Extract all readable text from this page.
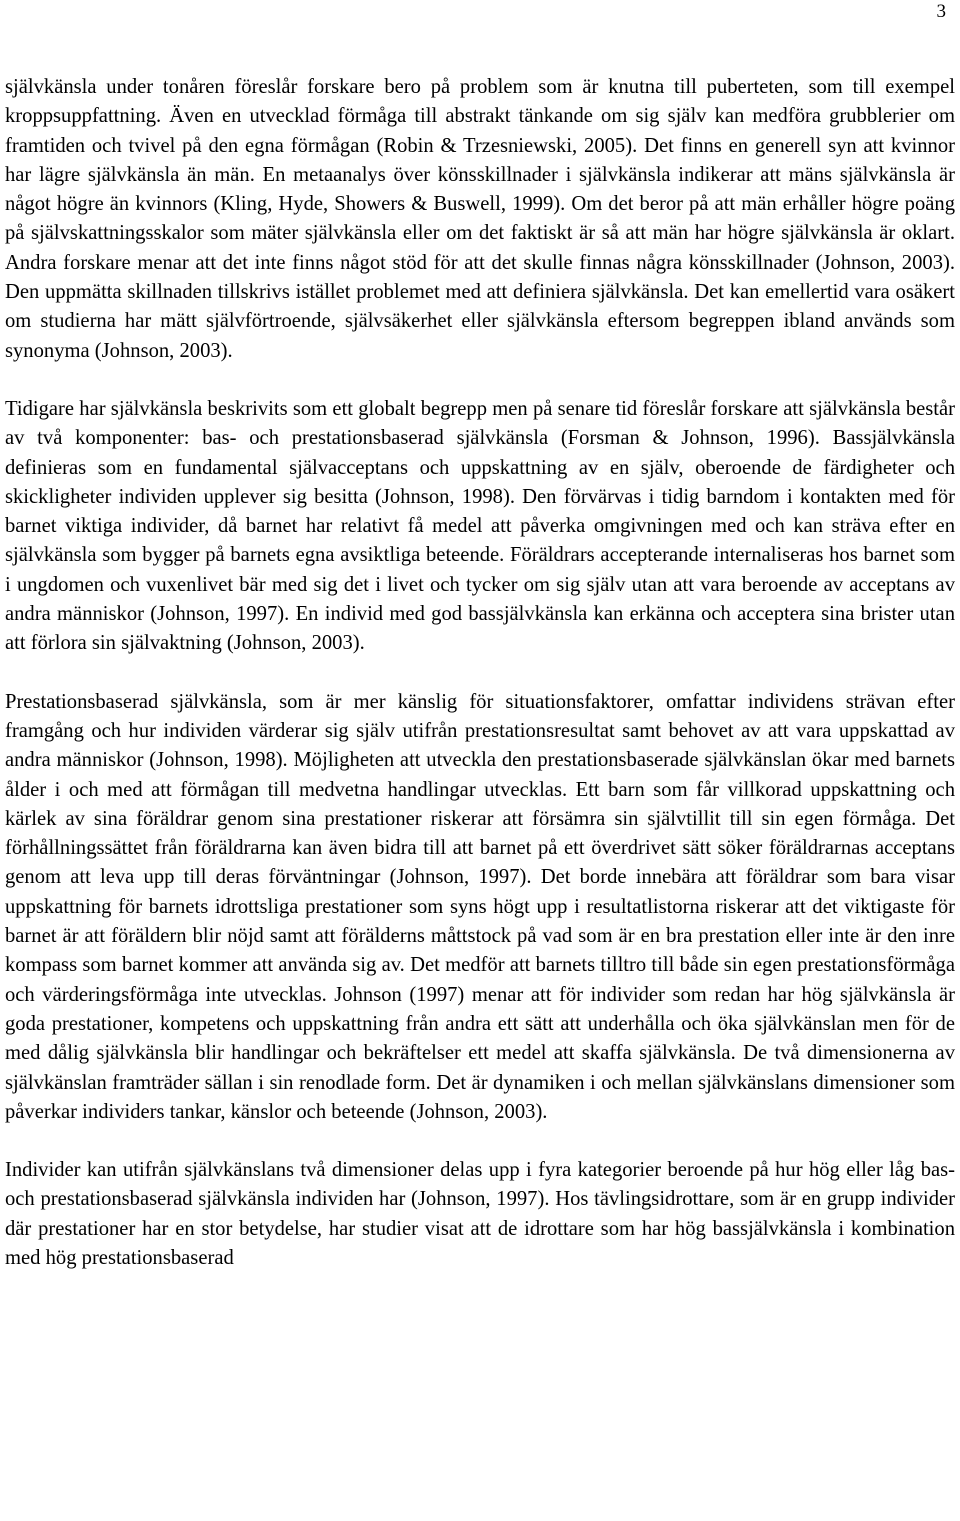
3

självkänsla under tonåren föreslår forskare bero på problem som är knutna till puberteten, som till exempel kroppsuppfattning. Även en utvecklad förmåga till abstrakt tänkande om sig själv kan medföra grubblerier om framtiden och tvivel på den egna förmågan (Robin & Trzesniewski, 2005). Det finns en generell syn att kvinnor har lägre självkänsla än män. En metaanalys över könsskillnader i självkänsla indikerar att mäns självkänsla är något högre än kvinnors (Kling, Hyde, Showers & Buswell, 1999). Om det beror på att män erhåller högre poäng på självskattningsskalor som mäter självkänsla eller om det faktiskt är så att män har högre självkänsla är oklart. Andra forskare menar att det inte finns något stöd för att det skulle finnas några könsskillnader (Johnson, 2003). Den uppmätta skillnaden tillskrivs istället problemet med att definiera självkänsla. Det kan emellertid vara osäkert om studierna har mätt självförtroende, självsäkerhet eller självkänsla eftersom begreppen ibland används som synonyma (Johnson, 2003).

Tidigare har självkänsla beskrivits som ett globalt begrepp men på senare tid föreslår forskare att självkänsla består av två komponenter: bas- och prestationsbaserad självkänsla (Forsman & Johnson, 1996). Bassjälvkänsla definieras som en fundamental självacceptans och uppskattning av en själv, oberoende de färdigheter och skickligheter individen upplever sig besitta (Johnson, 1998). Den förvärvas i tidig barndom i kontakten med för barnet viktiga individer, då barnet har relativt få medel att påverka omgivningen med och kan sträva efter en självkänsla som bygger på barnets egna avsiktliga beteende. Föräldrars accepterande internaliseras hos barnet som i ungdomen och vuxenlivet bär med sig det i livet och tycker om sig själv utan att vara beroende av acceptans av andra människor (Johnson, 1997). En individ med god bassjälvkänsla kan erkänna och acceptera sina brister utan att förlora sin självaktning (Johnson, 2003).

Prestationsbaserad självkänsla, som är mer känslig för situationsfaktorer, omfattar individens strävan efter framgång och hur individen värderar sig själv utifrån prestationsresultat samt behovet av att vara uppskattad av andra människor (Johnson, 1998). Möjligheten att utveckla den prestationsbaserade självkänslan ökar med barnets ålder i och med att förmågan till medvetna handlingar utvecklas. Ett barn som får villkorad uppskattning och kärlek av sina föräldrar genom sina prestationer riskerar att försämra sin självtillit till sin egen förmåga. Det förhållningssättet från föräldrarna kan även bidra till att barnet på ett överdrivet sätt söker föräldrarnas acceptans genom att leva upp till deras förväntningar (Johnson, 1997). Det borde innebära att föräldrar som bara visar uppskattning för barnets idrottsliga prestationer som syns högt upp i resultatlistorna riskerar att det viktigaste för barnet är att föräldern blir nöjd samt att förälderns måttstock på vad som är en bra prestation eller inte är den inre kompass som barnet kommer att använda sig av. Det medför att barnets tilltro till både sin egen prestationsförmåga och värderingsförmåga inte utvecklas. Johnson (1997) menar att för individer som redan har hög självkänsla är goda prestationer, kompetens och uppskattning från andra ett sätt att underhålla och öka självkänslan men för de med dålig självkänsla blir handlingar och bekräftelser ett medel att skaffa självkänsla. De två dimensionerna av självkänslan framträder sällan i sin renodlade form. Det är dynamiken i och mellan självkänslans dimensioner som påverkar individers tankar, känslor och beteende (Johnson, 2003).

Individer kan utifrån självkänslans två dimensioner delas upp i fyra kategorier beroende på hur hög eller låg bas- och prestationsbaserad självkänsla individen har (Johnson, 1997). Hos tävlingsidrottare, som är en grupp individer där prestationer har en stor betydelse, har studier visat att de idrottare som har hög bassjälvkänsla i kombination med hög prestationsbaserad
